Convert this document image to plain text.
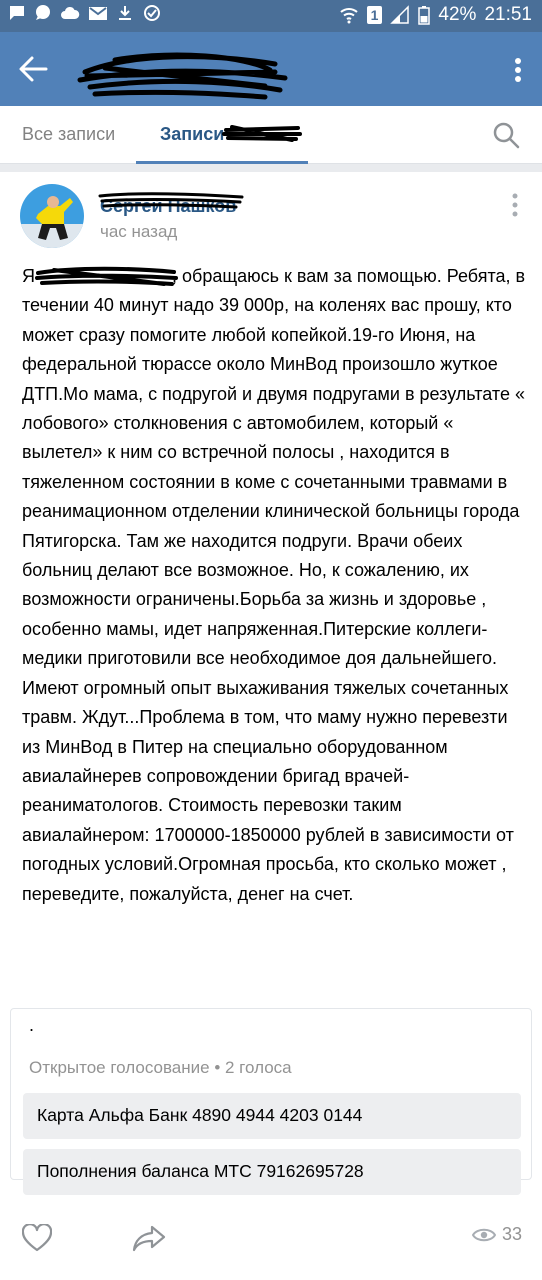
1	42% 21:51
Все записи Записи
Сергей Пашков
час назад
Я	, обращаюсь к вам за помощью. Ребята, в течении 40 минут надо 39 000р, на коленях вас прошу, кто может сразу помогите любой копейкой.19-го Июня, на федеральной тюрассе около МинВод произошло жуткое ДТП.Мо мама, с подругой и двумя подругами в результате « лобового» столкновения с автомобилем, который « вылетел» к ним со встречной полосы , находится в тяжеленном состоянии в коме с сочетанными травмами в реанимационном отделении клинической больницы города Пятигорска. Там же находится подруги. Врачи обеих больниц делают все возможное. Но, к сожалению, их возможности ограничены.Борьба за жизнь и здоровье , особенно мамы, идет напряженная.Питерские коллеги-медики приготовили все необходимое доя дальнейшего. Имеют огромный опыт выхаживания тяжелых сочетанных травм. Ждут...Проблема в том, что маму нужно перевезти из МинВод в Питер на специально оборудованном авиалайнерев сопровождении бригад врачей-реаниматологов. Стоимость перевозки таким авиалайнером: 1700000-1850000 рублей в зависимости от погодных условий.Огромная просьба, кто сколько может , переведите, пожалуйста, денег на счет.
.
Открытое голосование • 2 голоса
Карта Альфа Банк 4890 4944 4203 0144
Пополнения баланса МТС 79162695728
33
